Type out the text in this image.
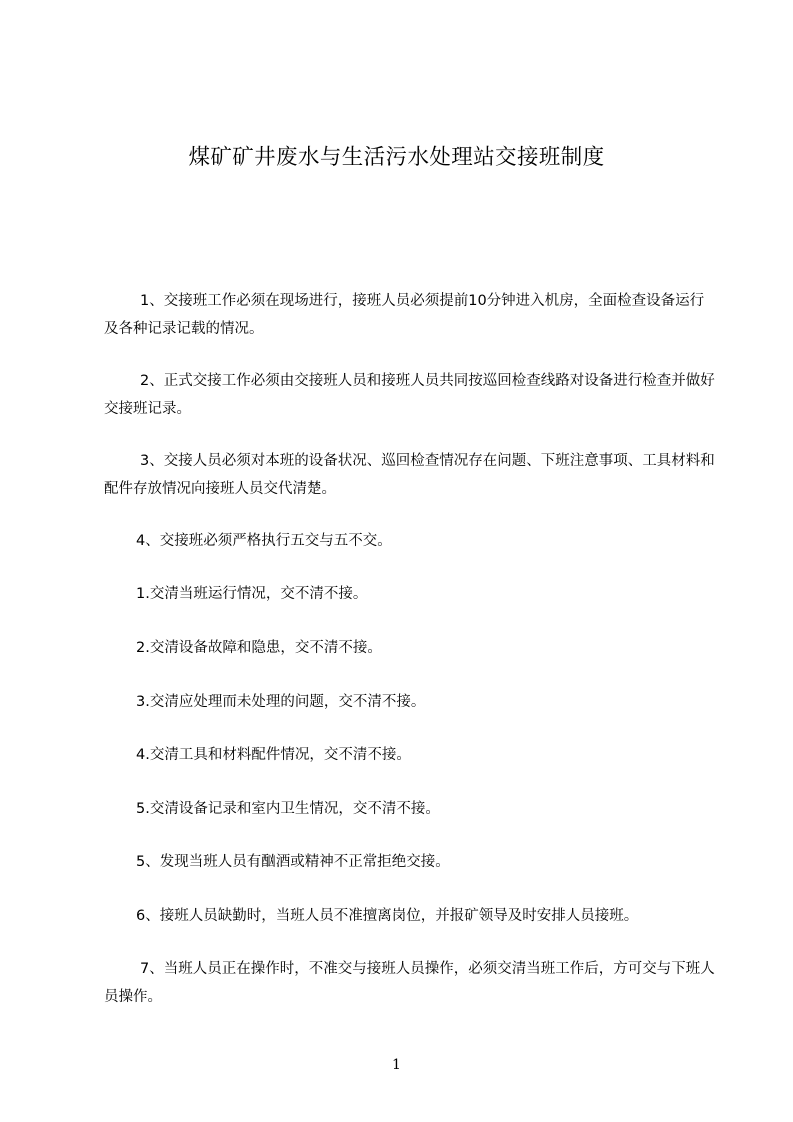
煤矿矿井废水与生活污水处理站交接班制度
1、交接班工作必须在现场进行，接班人员必须提前10分钟进入机房，全面检查设备运行及各种记录记载的情况。
2、正式交接工作必须由交接班人员和接班人员共同按巡回检查线路对设备进行检查并做好交接班记录。
3、交接人员必须对本班的设备状况、巡回检查情况存在问题、下班注意事项、工具材料和配件存放情况向接班人员交代清楚。
4、交接班必须严格执行五交与五不交。
1.交清当班运行情况，交不清不接。
2.交清设备故障和隐患，交不清不接。
3.交清应处理而未处理的问题，交不清不接。
4.交清工具和材料配件情况，交不清不接。
5.交清设备记录和室内卫生情况，交不清不接。
5、发现当班人员有酗酒或精神不正常拒绝交接。
6、接班人员缺勤时，当班人员不准擅离岗位，并报矿领导及时安排人员接班。
7、当班人员正在操作时，不准交与接班人员操作，必须交清当班工作后，方可交与下班人员操作。
1
